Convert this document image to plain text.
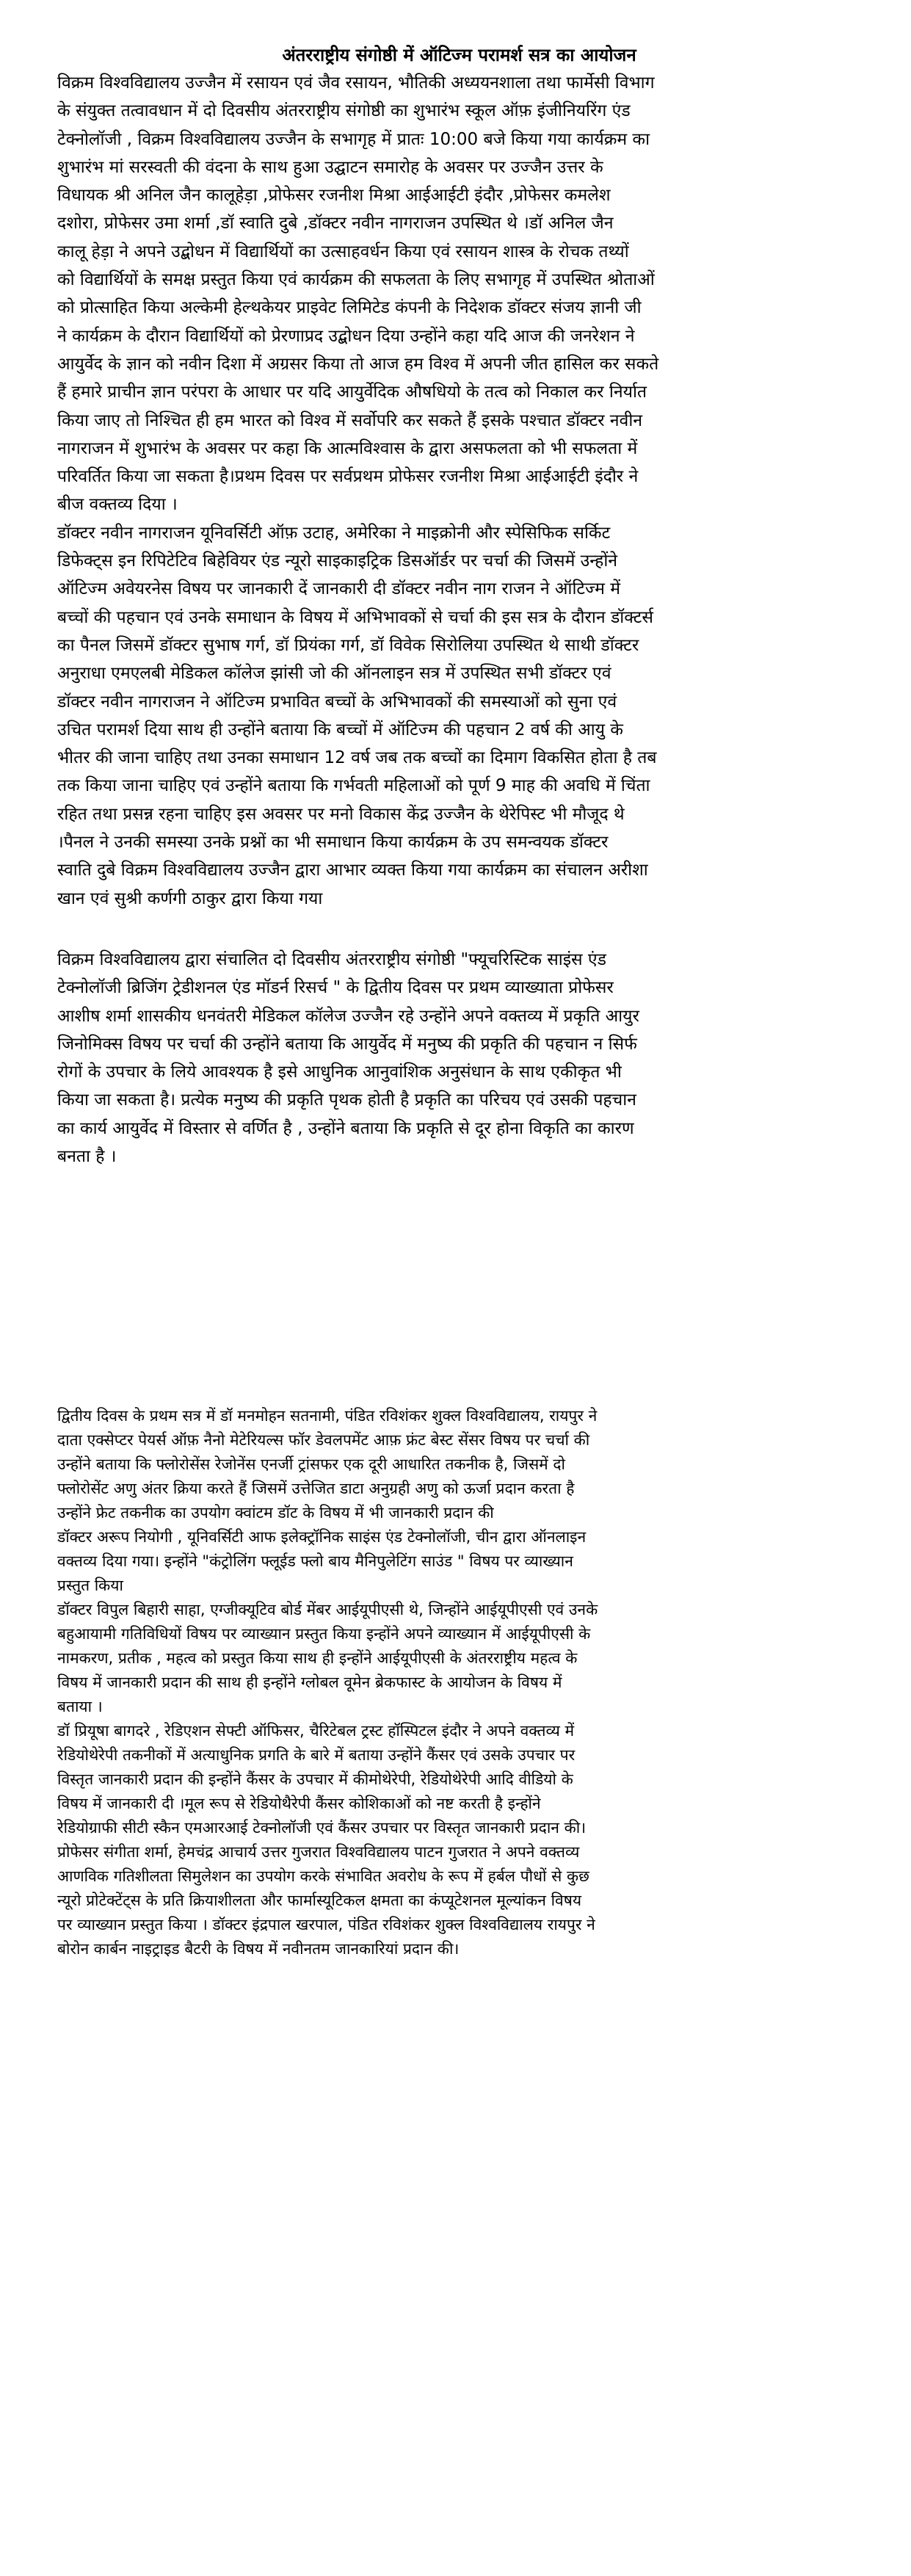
अंतरराष्ट्रीय संगोष्ठी में ऑटिज्म परामर्श सत्र का आयोजन
विक्रम विश्वविद्यालय उज्जैन में रसायन एवं जैव रसायन, भौतिकी अध्ययनशाला तथा फार्मेसी विभाग
के संयुक्त तत्वावधान में दो दिवसीय अंतरराष्ट्रीय संगोष्ठी का शुभारंभ स्कूल ऑफ़ इंजीनियरिंग एंड
टेक्नोलॉजी , विक्रम विश्वविद्यालय उज्जैन के सभागृह में प्रातः 10:00 बजे किया गया कार्यक्रम का
शुभारंभ मां सरस्वती की वंदना के साथ हुआ उद्घाटन समारोह के अवसर पर उज्जैन उत्तर के
विधायक श्री अनिल जैन कालूहेड़ा ,प्रोफेसर रजनीश मिश्रा आईआईटी इंदौर ,प्रोफेसर कमलेश
दशोरा, प्रोफेसर उमा शर्मा ,डॉ स्वाति दुबे ,डॉक्टर नवीन नागराजन उपस्थित थे ।डॉ अनिल जैन
कालू हेड़ा ने अपने उद्बोधन में विद्यार्थियों का उत्साहवर्धन किया एवं रसायन शास्त्र के रोचक तथ्यों
को विद्यार्थियों के समक्ष प्रस्तुत किया एवं कार्यक्रम की सफलता के लिए सभागृह में उपस्थित श्रोताओं
को प्रोत्साहित किया अल्केमी हेल्थकेयर प्राइवेट लिमिटेड कंपनी के निदेशक डॉक्टर संजय ज्ञानी जी
ने कार्यक्रम के दौरान विद्यार्थियों को प्रेरणाप्रद उद्बोधन दिया उन्होंने कहा यदि आज की जनरेशन ने
आयुर्वेद के ज्ञान को नवीन दिशा में अग्रसर किया तो आज हम विश्व में अपनी जीत हासिल कर सकते
हैं हमारे प्राचीन ज्ञान परंपरा के आधार पर यदि आयुर्वेदिक औषधियो के तत्व को निकाल कर निर्यात
किया जाए तो निश्चित ही हम भारत को विश्व में सर्वोपरि कर सकते हैं इसके पश्चात डॉक्टर नवीन
नागराजन में शुभारंभ के अवसर पर कहा कि आत्मविश्वास के द्वारा असफलता को भी सफलता में
परिवर्तित किया जा सकता है।प्रथम दिवस पर सर्वप्रथम प्रोफेसर रजनीश मिश्रा आईआईटी इंदौर ने
बीज वक्तव्य दिया ।
डॉक्टर नवीन नागराजन यूनिवर्सिटी ऑफ़ उटाह, अमेरिका ने माइक्रोनी और स्पेसिफिक सर्किट
डिफेक्ट्स इन रिपिटेटिव बिहेवियर एंड न्यूरो साइकाइट्रिक डिसऑर्डर पर चर्चा की जिसमें उन्होंने
ऑटिज्म अवेयरनेस विषय पर जानकारी दें जानकारी दी डॉक्टर नवीन नाग राजन ने ऑटिज्म में
बच्चों की पहचान एवं उनके समाधान के विषय में अभिभावकों से चर्चा की इस सत्र के दौरान डॉक्टर्स
का पैनल जिसमें डॉक्टर सुभाष गर्ग, डॉ प्रियंका गर्ग, डॉ विवेक सिरोलिया उपस्थित थे साथी डॉक्टर
अनुराधा एमएलबी मेडिकल कॉलेज झांसी जो की ऑनलाइन सत्र में उपस्थित सभी डॉक्टर एवं
डॉक्टर नवीन नागराजन ने ऑटिज्म प्रभावित बच्चों के अभिभावकों की समस्याओं को सुना एवं
उचित परामर्श दिया साथ ही उन्होंने बताया कि बच्चों में ऑटिज्म की पहचान 2 वर्ष की आयु के
भीतर की जाना चाहिए तथा उनका समाधान 12 वर्ष जब तक बच्चों का दिमाग विकसित होता है तब
तक किया जाना चाहिए एवं उन्होंने बताया कि गर्भवती महिलाओं को पूर्ण 9 माह की अवधि में चिंता
रहित तथा प्रसन्न रहना चाहिए इस अवसर पर मनो विकास केंद्र उज्जैन के थेरेपिस्ट भी मौजूद थे
।पैनल ने उनकी समस्या उनके प्रश्नों का भी समाधान किया कार्यक्रम के उप समन्वयक डॉक्टर
स्वाति दुबे विक्रम विश्वविद्यालय उज्जैन द्वारा आभार व्यक्त किया गया कार्यक्रम का संचालन अरीशा
खान एवं सुश्री कर्णगी ठाकुर द्वारा किया गया
विक्रम विश्वविद्यालय द्वारा संचालित दो दिवसीय अंतरराष्ट्रीय संगोष्ठी "फ्यूचरिस्टिक साइंस एंड
टेक्नोलॉजी ब्रिजिंग ट्रेडीशनल एंड मॉडर्न रिसर्च " के द्वितीय दिवस पर प्रथम व्याख्याता प्रोफेसर
आशीष शर्मा शासकीय धनवंतरी मेडिकल कॉलेज उज्जैन रहे उन्होंने अपने वक्तव्य में प्रकृति आयुर
जिनोमिक्स विषय पर चर्चा की उन्होंने बताया कि आयुर्वेद में मनुष्य की प्रकृति की पहचान न सिर्फ
रोगों के उपचार के लिये आवश्यक है इसे आधुनिक आनुवांशिक अनुसंधान के साथ एकीकृत भी
किया जा सकता है। प्रत्येक मनुष्य की प्रकृति पृथक होती है प्रकृति का परिचय एवं उसकी पहचान
का कार्य आयुर्वेद में विस्तार से वर्णित है , उन्होंने बताया कि प्रकृति से दूर होना विकृति का कारण
बनता है ।
द्वितीय दिवस के प्रथम सत्र में डॉ मनमोहन सतनामी, पंडित रविशंकर शुक्ल विश्वविद्यालय, रायपुर ने
दाता एक्सेप्टर पेयर्स ऑफ़ नैनो मेटेरियल्स फॉर डेवलपमेंट आफ़ फ्रंट बेस्ट सेंसर विषय पर चर्चा की
उन्होंने बताया कि फ्लोरोसेंस रेजोनेंस एनर्जी ट्रांसफर एक दूरी आधारित तकनीक है, जिसमें दो
फ्लोरोसेंट अणु अंतर क्रिया करते हैं जिसमें उत्तेजित डाटा अनुग्रही अणु को ऊर्जा प्रदान करता है
उन्होंने फ्रेट तकनीक का उपयोग क्वांटम डॉट के विषय में भी जानकारी प्रदान की
डॉक्टर अरूप नियोगी , यूनिवर्सिटी आफ इलेक्ट्रॉनिक साइंस एंड टेक्नोलॉजी, चीन द्वारा ऑनलाइन
वक्तव्य दिया गया। इन्होंने "कंट्रोलिंग फ्लूईड फ्लो बाय मैनिपुलेटिंग साउंड " विषय पर व्याख्यान
प्रस्तुत किया
डॉक्टर विपुल बिहारी साहा, एग्जीक्यूटिव बोर्ड मेंबर आईयूपीएसी थे, जिन्होंने आईयूपीएसी एवं उनके
बहुआयामी गतिविधियों विषय पर व्याख्यान प्रस्तुत किया इन्होंने अपने व्याख्यान में आईयूपीएसी के
नामकरण, प्रतीक , महत्व को प्रस्तुत किया साथ ही इन्होंने आईयूपीएसी के अंतरराष्ट्रीय महत्व के
विषय में जानकारी प्रदान की साथ ही इन्होंने ग्लोबल वूमेन ब्रेकफास्ट के आयोजन के विषय में
बताया ।
डॉ प्रियूषा बागदरे , रेडिएशन सेफ्टी ऑफिसर, चैरिटेबल ट्रस्ट हॉस्पिटल इंदौर ने अपने वक्तव्य में
रेडियोथेरेपी तकनीकों में अत्याधुनिक प्रगति के बारे में बताया उन्होंने कैंसर एवं उसके उपचार पर
विस्तृत जानकारी प्रदान की इन्होंने कैंसर के उपचार में कीमोथेरेपी, रेडियोथेरेपी आदि वीडियो के
विषय में जानकारी दी ।मूल रूप से रेडियोथैरेपी कैंसर कोशिकाओं को नष्ट करती है इन्होंने
रेडियोग्राफी सीटी स्कैन एमआरआई टेक्नोलॉजी एवं कैंसर उपचार पर विस्तृत जानकारी प्रदान की।
प्रोफेसर संगीता शर्मा, हेमचंद्र आचार्य उत्तर गुजरात विश्वविद्यालय पाटन गुजरात ने अपने वक्तव्य
आणविक गतिशीलता सिमुलेशन का उपयोग करके संभावित अवरोध के रूप में हर्बल पौधों से कुछ
न्यूरो प्रोटेक्टेंट्स के प्रति क्रियाशीलता और फार्मास्यूटिकल क्षमता का कंप्यूटेशनल मूल्यांकन विषय
पर व्याख्यान प्रस्तुत किया । डॉक्टर इंद्रपाल खरपाल, पंडित रविशंकर शुक्ल विश्वविद्यालय रायपुर ने
बोरोन कार्बन नाइट्राइड बैटरी के विषय में नवीनतम जानकारियां प्रदान की।
